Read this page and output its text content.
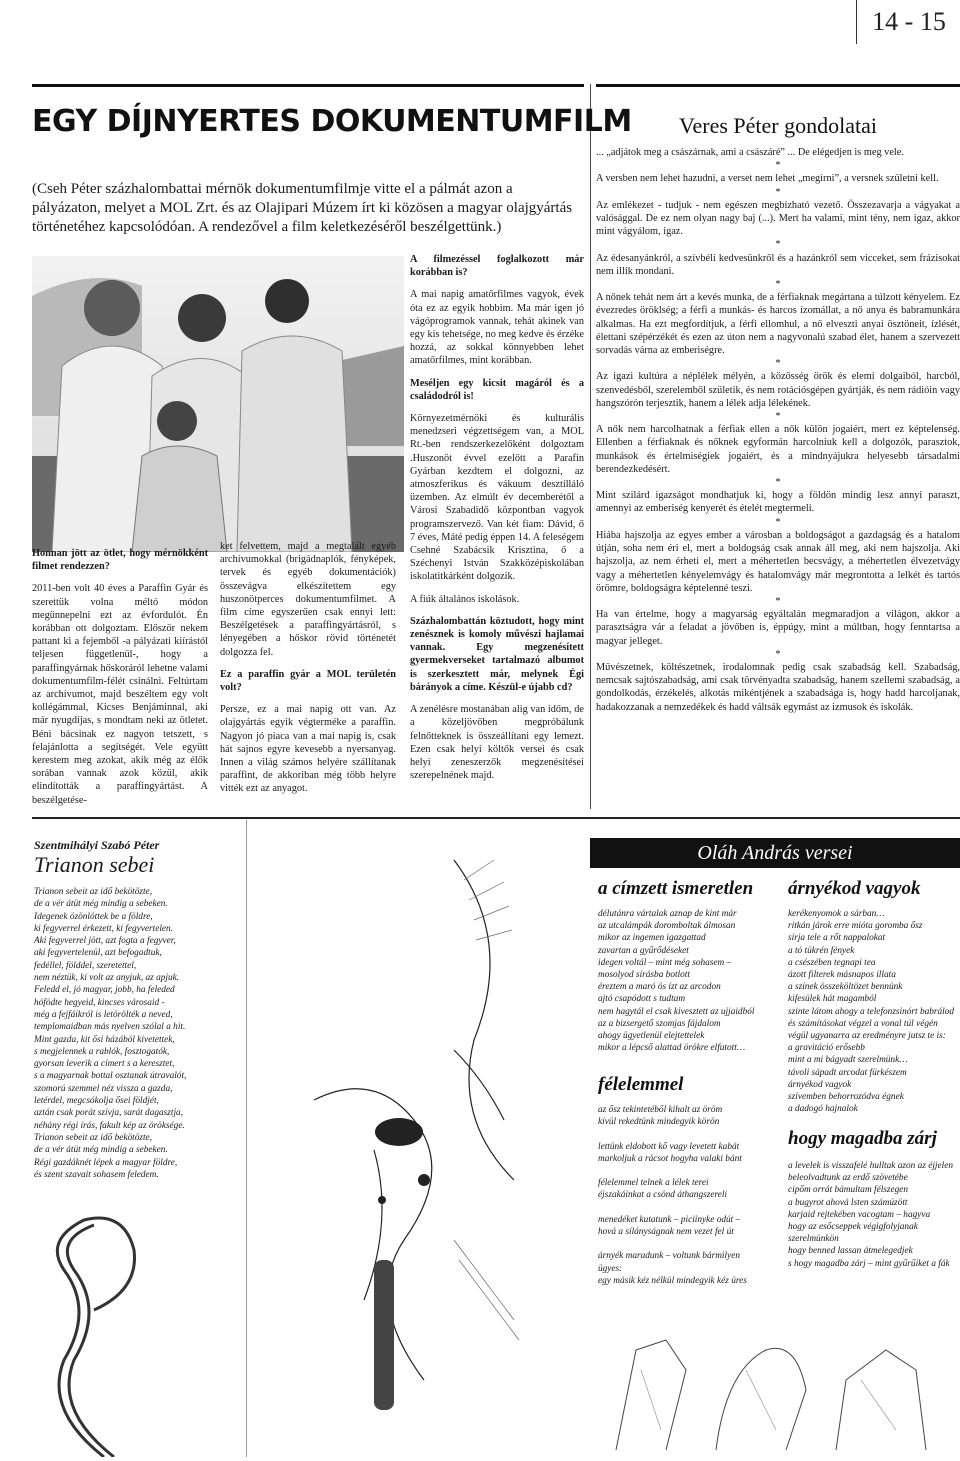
14 - 15
EGY DÍJNYERTES DOKUMENTUMFILM
(Cseh Péter százhalombattai mérnök dokumentumfilmje vitte el a pálmát azon a pályázaton, melyet a MOL Zrt. és az Olajipari Múzem írt ki közösen a magyar olajgyártás történetéhez kapcsolódóan. A rendezővel a film keletkezéséről beszélgettünk.)

Honnan jött az ötlet, hogy mérnökként filmet rendezzen?

2011-ben volt 40 éves a Paraffin Gyár és szerettük volna méltó módon megünnepelni ezt az évfordulót. Én korábban ott dolgoztam. Először nekem pattant ki a fejemből -a pályázati kiírástól teljesen függetlenül-, hogy a paraffingyárnak hőskoráról lehetne valami dokumentumfilm-félét csinálni. Feltúrtam az archívumot, majd beszéltem egy volt kollégámmal, Kicses Benjáminnal, aki már nyugdíjas, s mondtam neki az ötletet. Béni bácsinak ez nagyon tetszett, s felajánlotta a segítségét. Vele együtt kerestem meg azokat, akik még az élők sorában vannak azok közül, akik elindították a paraffingyártást. A beszélgetése-

ket felvettem, majd a megtalált egyéb archívumokkal (brigádnaplók, fényképek, tervek és egyéb dokumentációk) összevágva elkészítettem egy huszonötperces dokumentumfilmet. A film címe egyszerűen csak ennyi lett: Beszélgetések a paraffingyártásról, s lényegében a hőskor rövid történetét dolgozza fel.

Ez a paraffin gyár a MOL területén volt?

Persze, ez a mai napig ott van. Az olajgyártás egyik végterméke a paraffin. Nagyon jó piaca van a mai napig is, csak hát sajnos egyre kevesebb a nyersanyag. Innen a világ számos helyére szállítanak paraffint, de akkoriban még több helyre vitték ezt az anyagot.

A filmezéssel foglalkozott már korábban is?

A mai napig amatőrfilmes vagyok, évek óta ez az egyik hobbim. Ma már igen jó vágóprogramok vannak, tehát akinek van egy kis tehetsége, no meg kedve és érzéke hozzá, az sokkal könnyebben lehet amatőrfilmes, mint korábban.

Meséljen egy kicsit magáról és a családodról is!

Környezetmérnöki és kulturális menedzseri végzettségem van, a MOL Rt.-ben rendszerkezelőként dolgoztam .Huszonöt évvel ezelőtt a Parafin Gyárban kezdtem el dolgozni, az atmoszferikus és vákuum desztilláló üzemben. Az elmúlt év decemberétől a Városi Szabadidő központban vagyok programszervező. Van két fiam: Dávid, ő 7 éves, Máté pedig éppen 14. A feleségem Csehné Szabácsik Krisztina, ő a Széchenyi István Szakközépiskolában iskolatitkárként dolgozik.

A fiúk általános iskolások.

Százhalombattán köztudott, hogy mint zenésznek is komoly művészi hajlamai vannak. Egy megzenésített gyermekverseket tartalmazó albumot is szerkesztett már, melynek Égi bárányok a címe. Készül-e újabb cd?

A zenélésre mostanában alig van időm, de a közeljövőben megpróbálunk felnőtteknek is összeállítani egy lemezt. Ezen csak helyi költők versei és csak helyi zeneszerzők megzenésítései szerepelnének majd.

Veres Péter gondolatai

... „adjátok meg a császárnak, ami a császáré” ... De elégedjen is meg vele.

*

A versben nem lehet hazudni, a verset nem lehet „megírni”, a versnek születni kell.

*

Az emlékezet - tudjuk - nem egészen megbízható vezető. Összezavarja a vágyakat a valósággal. De ez nem olyan nagy baj (...). Mert ha valami, mint tény, nem igaz, akkor mint vágyálom, igaz.

*

Az édesanyánkról, a szívbéli kedvesünkről és a hazánkról sem vicceket, sem frázisokat nem illik mondani.

*

A nőnek tehát nem árt a kevés munka, de a férfiaknak megártana a túlzott kényelem. Ez évezredes öröklség; a férfi a munkás- és harcos ízomállat, a nő anya és babramunkára alkalmas. Ha ezt megfordítjuk, a férfi ellomhul, a nő elveszti anyai ösztöneit, ízlését, élettani szépérzékét és ezen az úton nem a nagyvonalú szabad élet, hanem a szervezett sorvadás várna az emberiségre.

*

Az igazi kultúra a néplélek mélyén, a közösség örök és elemi dolgaiból, harcból, szenvedésből, szerelemből születik, és nem rotációsgépen gyártják, és nem rádióin vagy hangszórón terjesztik, hanem a lélek adja lélekének.

*

A nők nem harcolhatnak a férfiak ellen a nők külön jogaiért, mert ez képtelenség. Ellenben a férfiaknak és nőknek egyformán harcolniuk kell a dolgozók, parasztok, munkások és értelmiségiek jogaiért, és a mindnyájukra helyesebb társadalmi berendezkedésért.

*

Mint szilárd igazságot mondhatjuk ki, hogy a földön mindig lesz annyi paraszt, amennyi az emberiség kenyerét és ételét megtermeli.

*

Hiába hajszolja az egyes ember a városban a boldogságot a gazdagság és a hatalom útján, soha nem éri el, mert a boldogság csak annak áll meg, aki nem hajszolja. Aki hajszolja, az nem érheti el, mert a méhertetlen becsvágy, a méhertetlen élvezetvágy vagy a méhertetlen kényelemvágy és hatalomvágy már megrontotta a lelkét és tartós örömre, boldogságra képtelenné teszi.

*

Ha van értelme, hogy a magyarság egyáltalán megmaradjon a világon, akkor a parasztságra vár a feladat a jövőben is, éppúgy, mint a múltban, hogy fenntartsa a magyar jelleget.

*

Művészetnek, költészetnek, irodalomnak pedig csak szabadság kell. Szabadság, nemcsak sajtószabadság, ami csak törvényadta szabadság, hanem szellemi szabadság, a gondolkodás, érzékelés, alkotás mikéntjének a szabadsága is, hogy hadd harcoljanak, hadakozzanak a nemzedékek és hadd váltsák egymást az izmusok és iskolák.

Szentmihályi Szabó Péter
Trianon sebei
Trianon sebeit az idő bekötözte,
de a vér átüt még mindig a sebeken.
Idegenek özönlöttek be a földre,
ki fegyverrel érkezett, ki fegyvertelen.
Aki fegyverrel jött, azt fogta a fegyver,
aki fegyvertelenül, azt befogadtuk,
fedéllel, földdel, szeretettel,
nem néztük, ki volt az anyjuk, az apjuk.
Feledd el, jó magyar, jobb, ha feleded
hófödte hegyeid, kincses városaid -
még a fejfáikról is letörölték a neved,
templomaidban más nyelven szólal a hit.
Mint gazda, kit ősi házából kivetettek,
s megjelennek a rablók, fosztogatók,
gyorsan leverik a címert s a keresztet,
s a magyarnak bottal osztanak útravalót,
szomorú szemmel néz vissza a gazda,
letérdel, megcsókolja ősei földjét,
aztán csak porát szívja, sarát dagasztja,
néhány régi írás, fakult kép az öröksége.
Trianon sebeit az idő bekötözte,
de a vér átüt még mindig a sebeken.
Régi gazdáknét lépek a magyar földre,
és szent szavait sohasem feledem.
Oláh András versei
a címzett ismeretlen
délutánra vártalak aznap de kint már
az utcalámpák doromboltak álmosan
mikor az ingemen igazgattad
zavartan a gyűrődéseket
idegen voltál – mint még sohasem –
mosolyod sírásba botlott
éreztem a maró ös ízt az arcodon
ajtó csapódott s tudtam
nem hagytál el csak kivesztett az ujjaidból
az a bizsergető szomjas fájdalom
ahogy ügyetlenül elejtettelek
mikor a lépcső alattad örökre elfutott…
félelemmel
az ősz tekintetéből kihalt az öröm
kívül rekedtünk mindegyik körön

lettünk eldobott kő vagy levetett kabát
markoljuk a rácsot hogyha valaki bánt

félelemmel telnek a lélek terei
éjszakáinkat a csönd áthangszereli

menedéket kutatunk – piciinyke odút –
hová a sílányságnak nem vezet fel út

árnyék maradunk – voltunk bármilyen
ügyes:
egy másik kéz nélkül mindegyik kéz üres
árnyékod vagyok
kerékenyomok a sárban…
ritkán járok erre mióta goromba ősz
sírja tele a rőt nappalokat
a tó tükrén fények
a csészében tegnapi tea
ázott filterek másnapos illata
a színek összeköltözet bennünk
kifesülek hát magamból
szinte látom ahogy a telefonzsinórt babrálod
és számításokat végzel a vonal túl végén
végül ugyanarra az eredményre jutsz te is:
a gravitáció erősebb
mint a mi bágyadt szerelmünk…
távoli sápadt arcodat fürkészem
árnyékod vagyok
szívemben behorrozódva égnek
a dadogó hajnalok
hogy magadba zárj
a levelek is visszafelé hulltak azon az éjjelen
beleolvadtunk az erdő szövetébe
cipőm orrát bámultam félszegen
a bugyrot ahová lsten számúzött
karjaid rejtekében vacogtam – hagyva
hogy az esőcseppek végigfolyjanak szerelmünkön
hogy benned lassan átmelegedjek
s hogy magadba zárj – mint gyűrűiket a fák
